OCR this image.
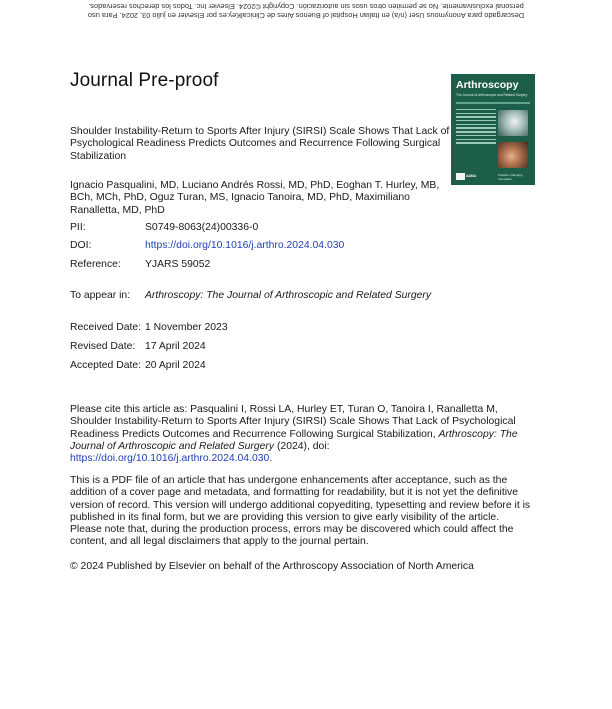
Descargado para Anonymous User (n/a) en Italian Hospital of Buenos Aires de ClinicalKey.es por Elsevier en julio 03, 2024. Para uso
personal exclusivamente. No se permiten otros usos sin autorización. Copyright ©2024. Elsevier Inc. Todos los derechos reservados.
Journal Pre-proof	Arthroscopy
The Journal of Arthroscopic and Related Surgery
AANA	Practice Changing Innovation
Shoulder Instability-Return to Sports After Injury (SIRSI) Scale Shows That Lack of Psychological Readiness Predicts Outcomes and Recurrence Following Surgical Stabilization
Ignacio Pasqualini, MD, Luciano Andrés Rossi, MD, PhD, Eoghan T. Hurley, MB, BCh, MCh, PhD, Oguz Turan, MS, Ignacio Tanoira, MD, PhD, Maximiliano Ranalletta, MD, PhD
PII:	S0749-8063(24)00336-0
DOI:	https://doi.org/10.1016/j.arthro.2024.04.030
Reference: YJARS 59052
To appear in: Arthroscopy: The Journal of Arthroscopic and Related Surgery
Received Date: 1 November 2023
Revised Date: 17 April 2024
Accepted Date: 20 April 2024
Please cite this article as: Pasqualini I, Rossi LA, Hurley ET, Turan O, Tanoira I, Ranalletta M, Shoulder Instability-Return to Sports After Injury (SIRSI) Scale Shows That Lack of Psychological Readiness Predicts Outcomes and Recurrence Following Surgical Stabilization, Arthroscopy: The Journal of Arthroscopic and Related Surgery (2024), doi: https://doi.org/10.1016/j.arthro.2024.04.030.
This is a PDF file of an article that has undergone enhancements after acceptance, such as the addition of a cover page and metadata, and formatting for readability, but it is not yet the definitive version of record. This version will undergo additional copyediting, typesetting and review before it is published in its final form, but we are providing this version to give early visibility of the article. Please note that, during the production process, errors may be discovered which could affect the content, and all legal disclaimers that apply to the journal pertain.
© 2024 Published by Elsevier on behalf of the Arthroscopy Association of North America
